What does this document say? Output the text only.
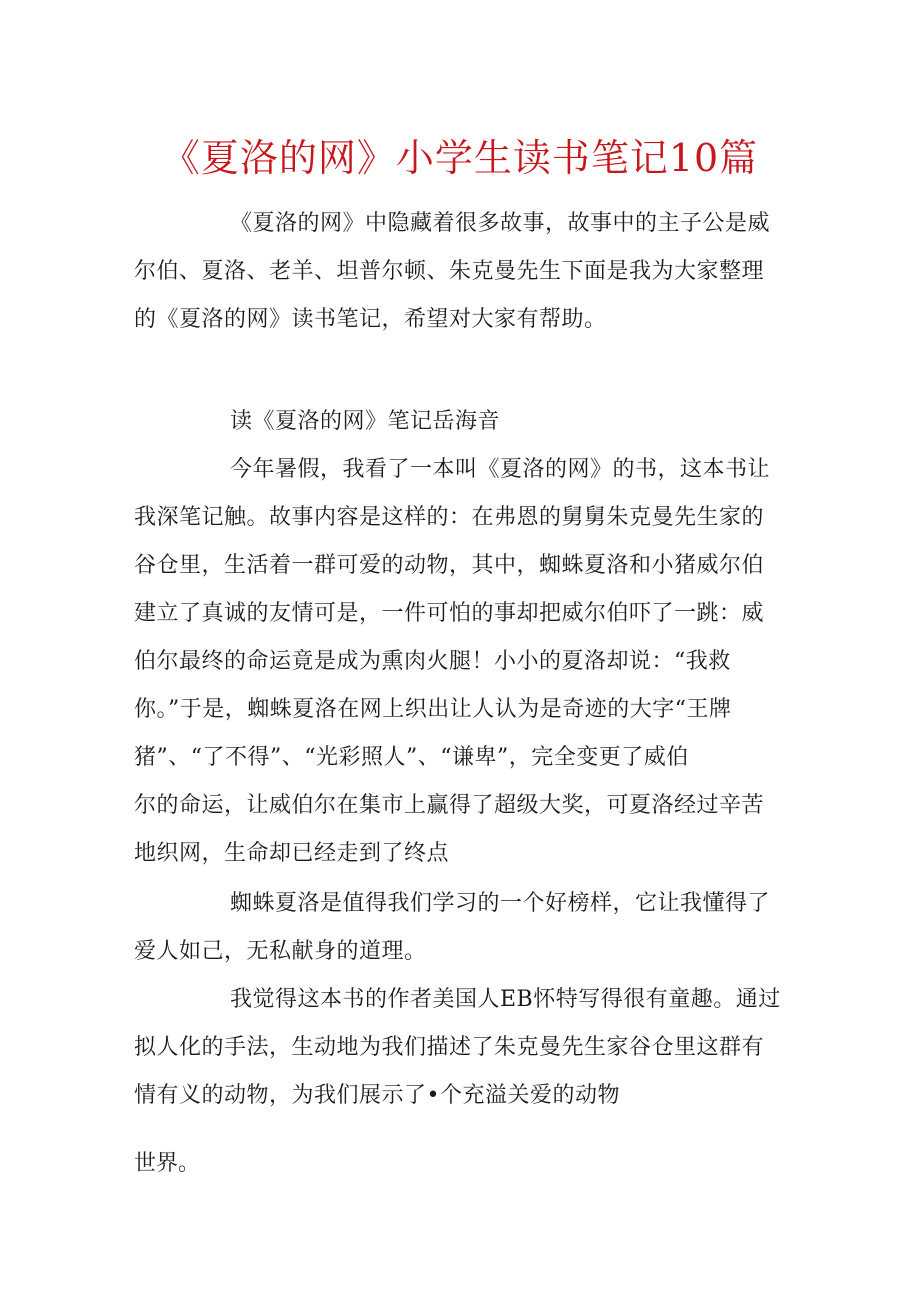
《夏洛的网》小学生读书笔记10篇
《夏洛的网》中隐藏着很多故事，故事中的主子公是威
尔伯、夏洛、老羊、坦普尔顿、朱克曼先生下面是我为大家整理
的《夏洛的网》读书笔记，希望对大家有帮助。
读《夏洛的网》笔记岳海音
今年暑假，我看了一本叫《夏洛的网》的书，这本书让
我深笔记触。故事内容是这样的：在弗恩的舅舅朱克曼先生家的
谷仓里，生活着一群可爱的动物，其中，蜘蛛夏洛和小猪威尔伯
建立了真诚的友情可是，一件可怕的事却把威尔伯吓了一跳：威
伯尔最终的命运竟是成为熏肉火腿！小小的夏洛却说：“我救
你。”于是，蜘蛛夏洛在网上织出让人认为是奇迹的大字“王牌
猪”、“了不得”、“光彩照人”、“谦卑”，完全变更了威伯
尔的命运，让威伯尔在集市上赢得了超级大奖，可夏洛经过辛苦
地织网，生命却已经走到了终点
蜘蛛夏洛是值得我们学习的一个好榜样，它让我懂得了
爱人如己，无私献身的道理。
我觉得这本书的作者美国人EB怀特写得很有童趣。通过
拟人化的手法，生动地为我们描述了朱克曼先生家谷仓里这群有
情有义的动物，为我们展示了•个充溢关爱的动物
世界。
